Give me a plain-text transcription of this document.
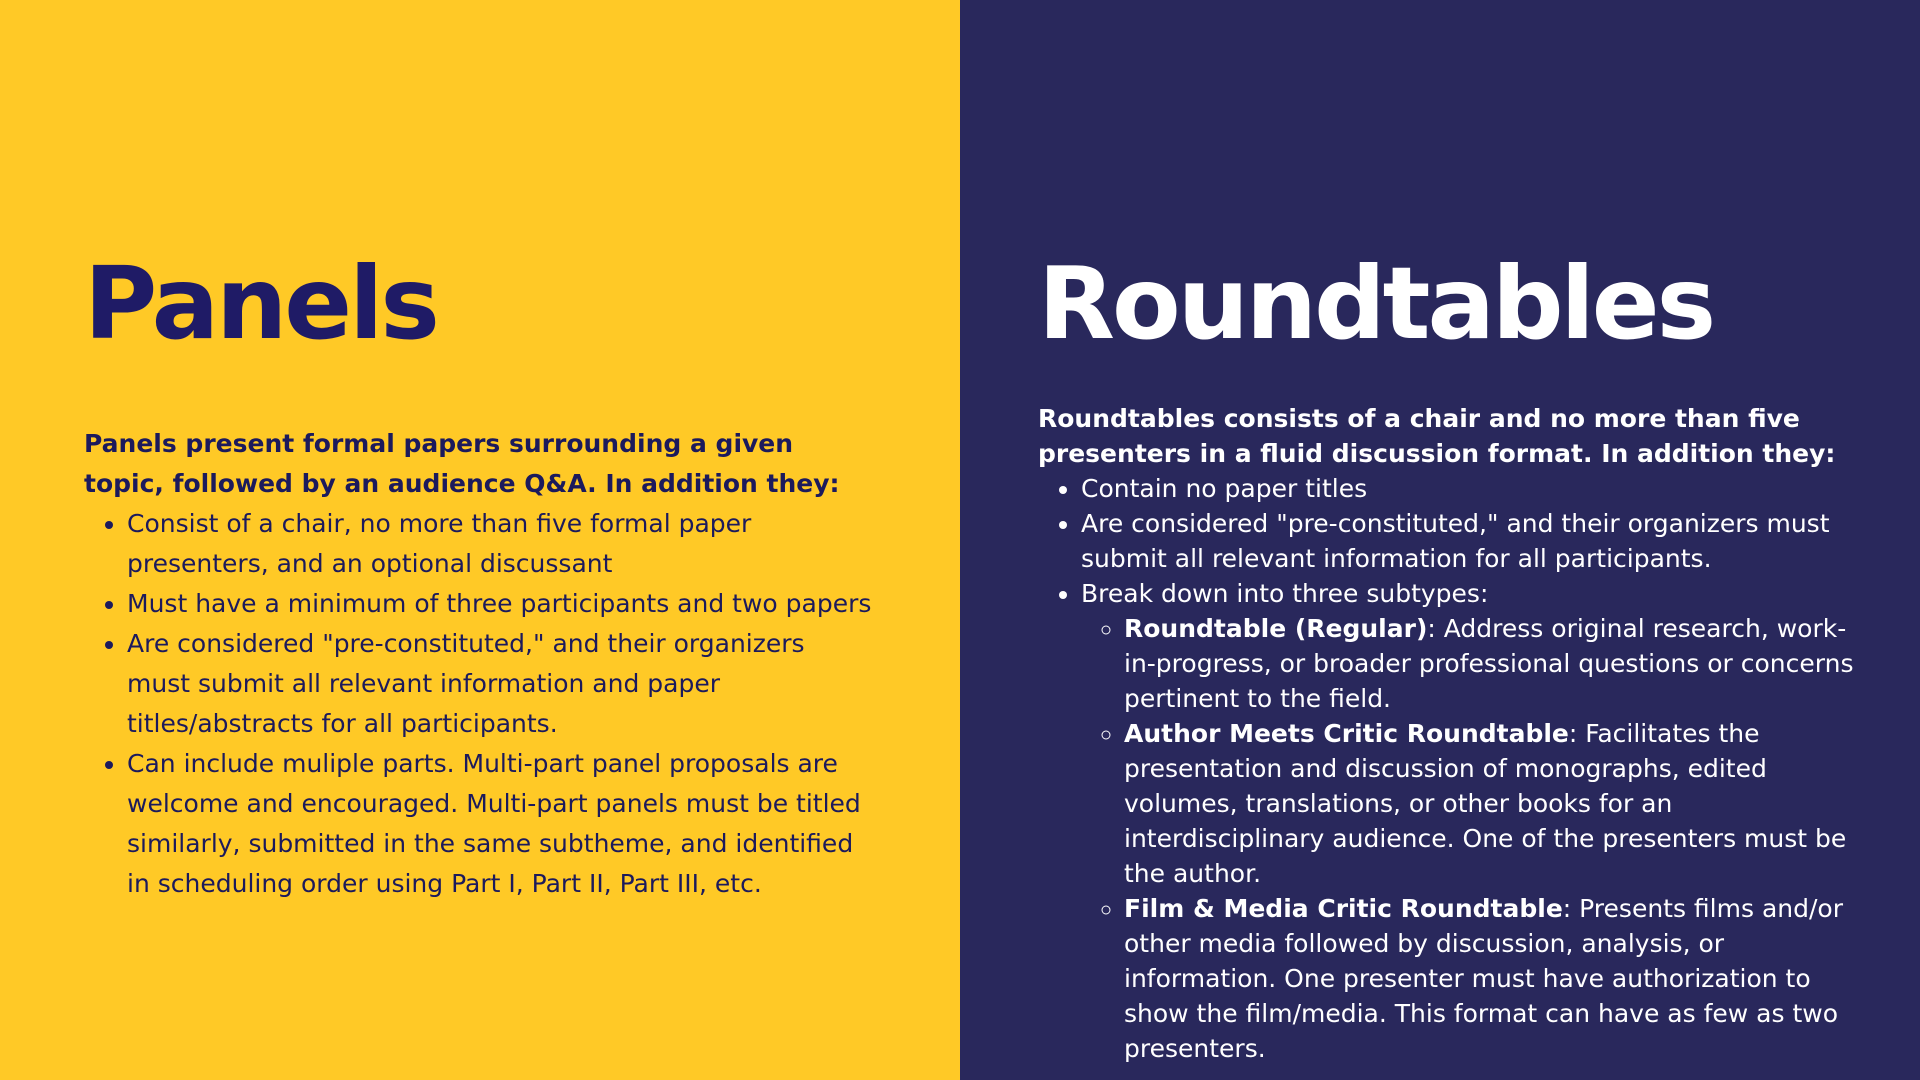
Panels

Panels present formal papers surrounding a given topic, followed by an audience Q&A. In addition they:

• Consist of a chair, no more than five formal paper presenters, and an optional discussant
• Must have a minimum of three participants and two papers
• Are considered "pre-constituted," and their organizers must submit all relevant information and paper titles/abstracts for all participants.
• Can include muliple parts. Multi-part panel proposals are welcome and encouraged. Multi-part panels must be titled similarly, submitted in the same subtheme, and identified in scheduling order using Part I, Part II, Part III, etc.
Roundtables

Roundtables consists of a chair and no more than five presenters in a fluid discussion format. In addition they:

• Contain no paper titles
• Are considered "pre-constituted," and their organizers must submit all relevant information for all participants.
• Break down into three subtypes:
◦ Roundtable (Regular): Address original research, work-in-progress, or broader professional questions or concerns pertinent to the field.
◦ Author Meets Critic Roundtable: Facilitates the presentation and discussion of monographs, edited volumes, translations, or other books for an interdisciplinary audience. One of the presenters must be the author.
◦ Film & Media Critic Roundtable: Presents films and/or other media followed by discussion, analysis, or information. One presenter must have authorization to show the film/media. This format can have as few as two presenters.
